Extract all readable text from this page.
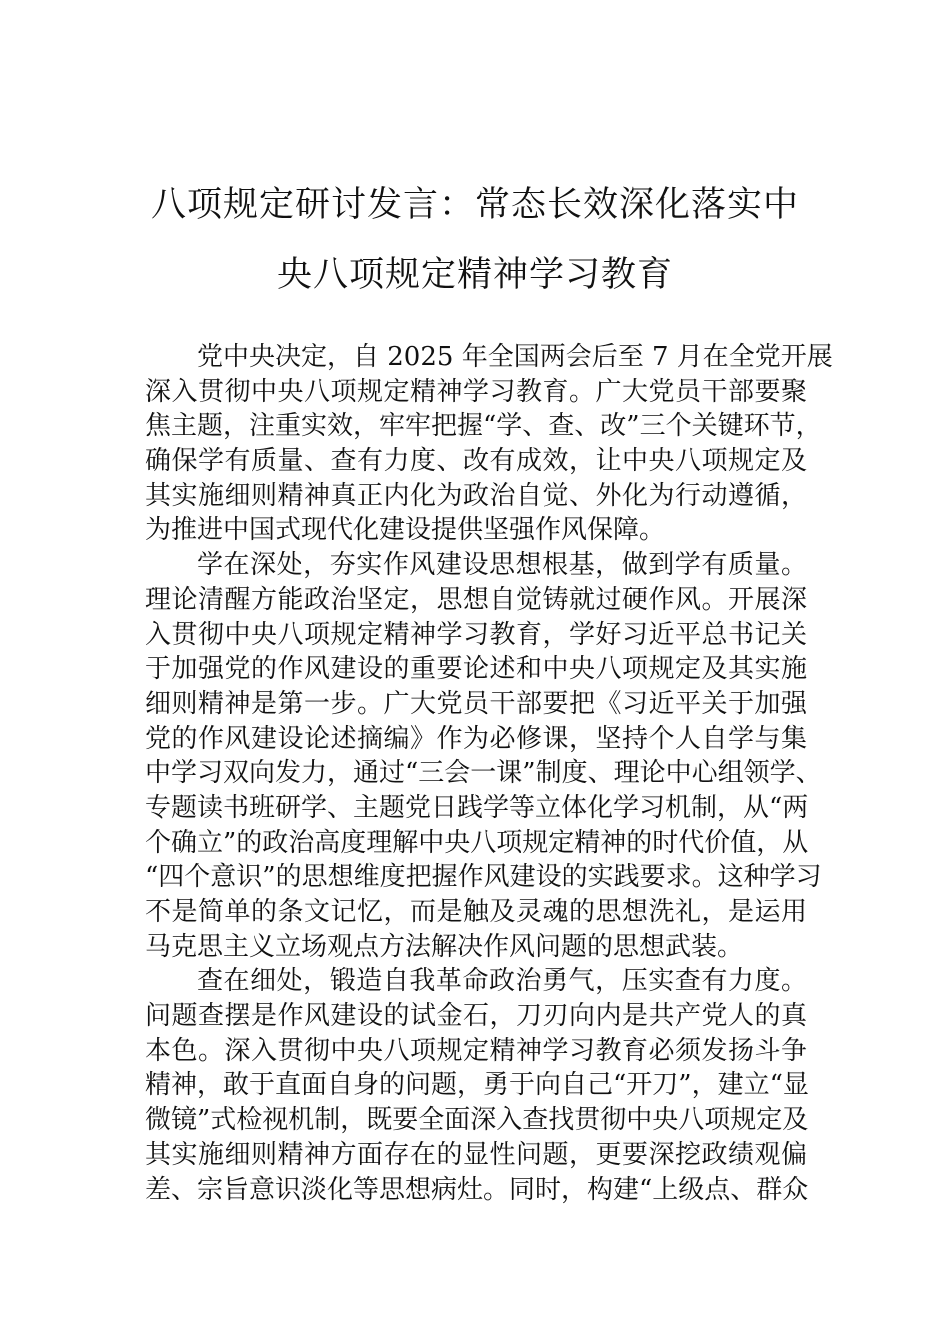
八项规定研讨发言：常态长效深化落实中
央八项规定精神学习教育

党中央决定，自 2025 年全国两会后至 7 月在全党开展
深入贯彻中央八项规定精神学习教育。广大党员干部要聚
焦主题，注重实效，牢牢把握“学、查、改”三个关键环节，
确保学有质量、查有力度、改有成效，让中央八项规定及
其实施细则精神真正内化为政治自觉、外化为行动遵循，
为推进中国式现代化建设提供坚强作风保障。

学在深处，夯实作风建设思想根基，做到学有质量。
理论清醒方能政治坚定，思想自觉铸就过硬作风。开展深
入贯彻中央八项规定精神学习教育，学好习近平总书记关
于加强党的作风建设的重要论述和中央八项规定及其实施
细则精神是第一步。广大党员干部要把《习近平关于加强
党的作风建设论述摘编》作为必修课，坚持个人自学与集
中学习双向发力，通过“三会一课”制度、理论中心组领学、
专题读书班研学、主题党日践学等立体化学习机制，从“两
个确立”的政治高度理解中央八项规定精神的时代价值，从
“四个意识”的思想维度把握作风建设的实践要求。这种学习
不是简单的条文记忆，而是触及灵魂的思想洗礼，是运用
马克思主义立场观点方法解决作风问题的思想武装。

查在细处，锻造自我革命政治勇气，压实查有力度。
问题查摆是作风建设的试金石，刀刃向内是共产党人的真
本色。深入贯彻中央八项规定精神学习教育必须发扬斗争
精神，敢于直面自身的问题，勇于向自己“开刀”，建立“显
微镜”式检视机制，既要全面深入查找贯彻中央八项规定及
其实施细则精神方面存在的显性问题，更要深挖政绩观偏
差、宗旨意识淡化等思想病灶。同时，构建“上级点、群众
